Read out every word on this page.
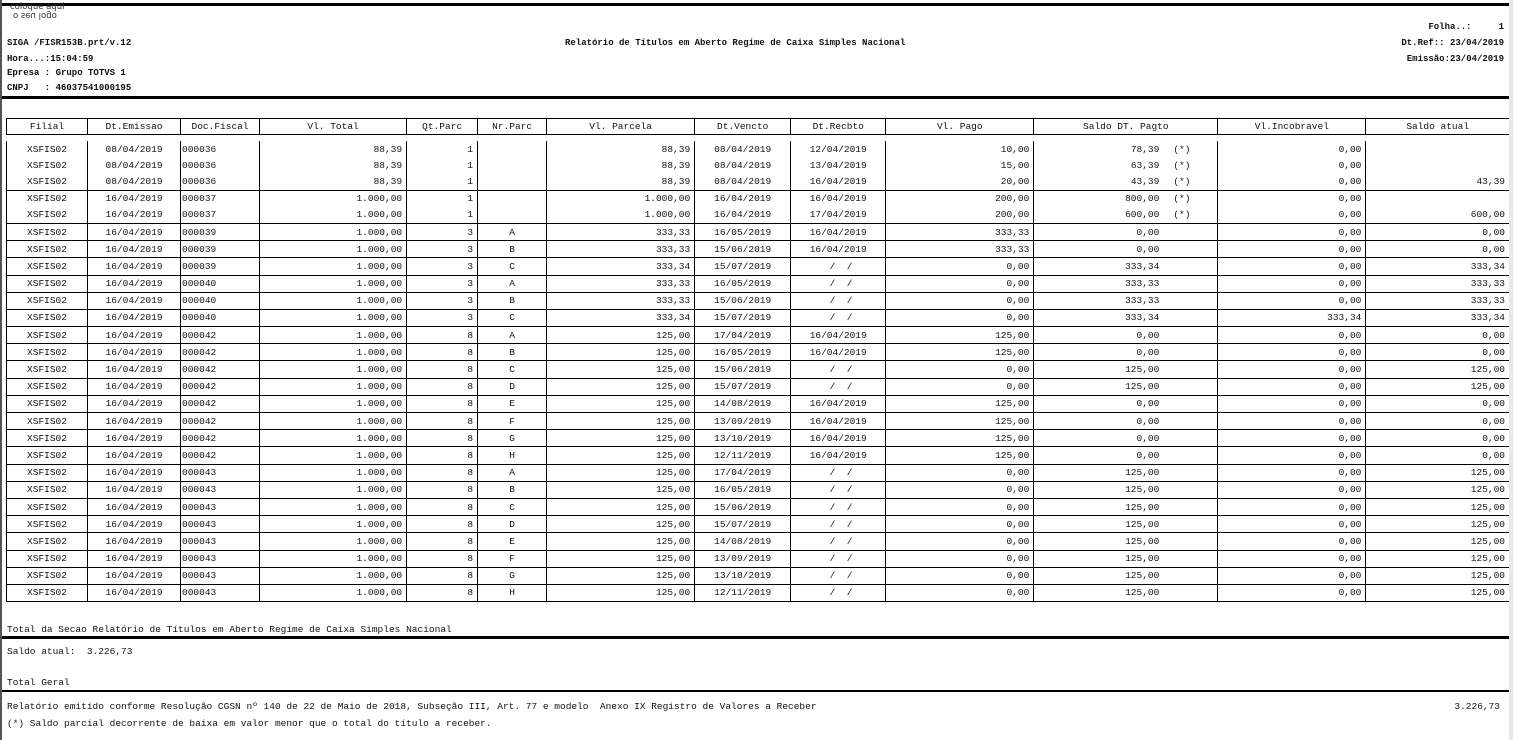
coloque aqui
o seu logo
SIGA /FISR153B.prt/v.12
Hora...:15:04:59
Epresa : Grupo TOTVS 1
CNPJ   : 46037541000195
Relatório de Títulos em Aberto Regime de Caixa Simples Nacional
Folha..:     1
Dt.Ref:: 23/04/2019
Emissão:23/04/2019
Filial	Dt.Emissao	Doc.Fiscal	Vl. Total	Qt.Parc	Nr.Parc	Vl. Parcela	Dt.Vencto	Dt.Recbto	Vl. Pago	Saldo DT. Pagto	Vl.Incobravel	Saldo atual

XSFIS02	08/04/2019	000036	88,39	1		88,39	08/04/2019	12/04/2019	10,00	78,39 (*)	0,00	
XSFIS02	08/04/2019	000036	88,39	1		88,39	08/04/2019	13/04/2019	15,00	63,39 (*)	0,00	
XSFIS02	08/04/2019	000036	88,39	1		88,39	08/04/2019	16/04/2019	20,00	43,39 (*)	0,00	43,39
XSFIS02	16/04/2019	000037	1.000,00	1		1.000,00	16/04/2019	16/04/2019	200,00	800,00 (*)	0,00	
XSFIS02	16/04/2019	000037	1.000,00	1		1.000,00	16/04/2019	17/04/2019	200,00	600,00 (*)	0,00	600,00
XSFIS02	16/04/2019	000039	1.000,00	3	A	333,33	16/05/2019	16/04/2019	333,33	0,00	0,00	0,00
XSFIS02	16/04/2019	000039	1.000,00	3	B	333,33	15/06/2019	16/04/2019	333,33	0,00	0,00	0,00
XSFIS02	16/04/2019	000039	1.000,00	3	C	333,34	15/07/2019	/  /	0,00	333,34	0,00	333,34
XSFIS02	16/04/2019	000040	1.000,00	3	A	333,33	16/05/2019	/  /	0,00	333,33	0,00	333,33
XSFIS02	16/04/2019	000040	1.000,00	3	B	333,33	15/06/2019	/  /	0,00	333,33	0,00	333,33
XSFIS02	16/04/2019	000040	1.000,00	3	C	333,34	15/07/2019	/  /	0,00	333,34	333,34	333,34
XSFIS02	16/04/2019	000042	1.000,00	8	A	125,00	17/04/2019	16/04/2019	125,00	0,00	0,00	0,00
XSFIS02	16/04/2019	000042	1.000,00	8	B	125,00	16/05/2019	16/04/2019	125,00	0,00	0,00	0,00
XSFIS02	16/04/2019	000042	1.000,00	8	C	125,00	15/06/2019	/  /	0,00	125,00	0,00	125,00
XSFIS02	16/04/2019	000042	1.000,00	8	D	125,00	15/07/2019	/  /	0,00	125,00	0,00	125,00
XSFIS02	16/04/2019	000042	1.000,00	8	E	125,00	14/08/2019	16/04/2019	125,00	0,00	0,00	0,00
XSFIS02	16/04/2019	000042	1.000,00	8	F	125,00	13/09/2019	16/04/2019	125,00	0,00	0,00	0,00
XSFIS02	16/04/2019	000042	1.000,00	8	G	125,00	13/10/2019	16/04/2019	125,00	0,00	0,00	0,00
XSFIS02	16/04/2019	000042	1.000,00	8	H	125,00	12/11/2019	16/04/2019	125,00	0,00	0,00	0,00
XSFIS02	16/04/2019	000043	1.000,00	8	A	125,00	17/04/2019	/  /	0,00	125,00	0,00	125,00
XSFIS02	16/04/2019	000043	1.000,00	8	B	125,00	16/05/2019	/  /	0,00	125,00	0,00	125,00
XSFIS02	16/04/2019	000043	1.000,00	8	C	125,00	15/06/2019	/  /	0,00	125,00	0,00	125,00
XSFIS02	16/04/2019	000043	1.000,00	8	D	125,00	15/07/2019	/  /	0,00	125,00	0,00	125,00
XSFIS02	16/04/2019	000043	1.000,00	8	E	125,00	14/08/2019	/  /	0,00	125,00	0,00	125,00
XSFIS02	16/04/2019	000043	1.000,00	8	F	125,00	13/09/2019	/  /	0,00	125,00	0,00	125,00
XSFIS02	16/04/2019	000043	1.000,00	8	G	125,00	13/10/2019	/  /	0,00	125,00	0,00	125,00
XSFIS02	16/04/2019	000043	1.000,00	8	H	125,00	12/11/2019	/  /	0,00	125,00	0,00	125,00
Total da Secao Relatório de Títulos em Aberto Regime de Caixa Simples Nacional
Saldo atual:  3.226,73
Total Geral
Relatório emitido conforme Resolução CGSN nº 140 de 22 de Maio de 2018, Subseção III, Art. 77 e modelo  Anexo IX Registro de Valores a Receber	3.226,73
(*) Saldo parcial decorrente de baixa em valor menor que o total do título a receber.
